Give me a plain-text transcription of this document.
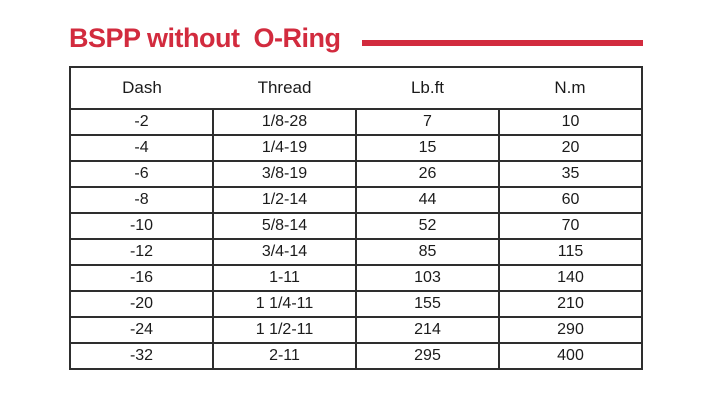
BSPP without  O-Ring
Dash	Thread	Lb.ft	N.m
-2	1/8-28	7	10
-4	1/4-19	15	20
-6	3/8-19	26	35
-8	1/2-14	44	60
-10	5/8-14	52	70
-12	3/4-14	85	115
-16	1-11	103	140
-20	1 1/4-11	155	210
-24	1 1/2-11	214	290
-32	2-11	295	400
